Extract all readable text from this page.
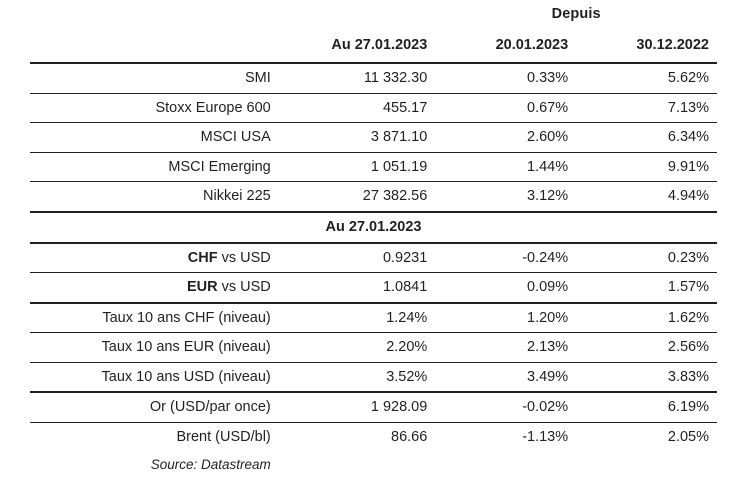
		Depuis	
	Au 27.01.2023	20.01.2023	30.12.2022

SMI	11 332.30	0.33%	5.62%

Stoxx Europe 600	455.17	0.67%	7.13%

MSCI USA	3 871.10	2.60%	6.34%

MSCI Emerging	1 051.19	1.44%	9.91%

Nikkei 225	27 382.56	3.12%	4.94%

Au 27.01.2023			

CHF vs USD	0.9231	-0.24%	0.23%

EUR vs USD	1.0841	0.09%	1.57%

Taux 10 ans CHF (niveau)	1.24%	1.20%	1.62%

Taux 10 ans EUR (niveau)	2.20%	2.13%	2.56%

Taux 10 ans USD (niveau)	3.52%	3.49%	3.83%

Or (USD/par once)	1 928.09	-0.02%	6.19%

Brent (USD/bl)	86.66	-1.13%	2.05%
Source: Datastream			
